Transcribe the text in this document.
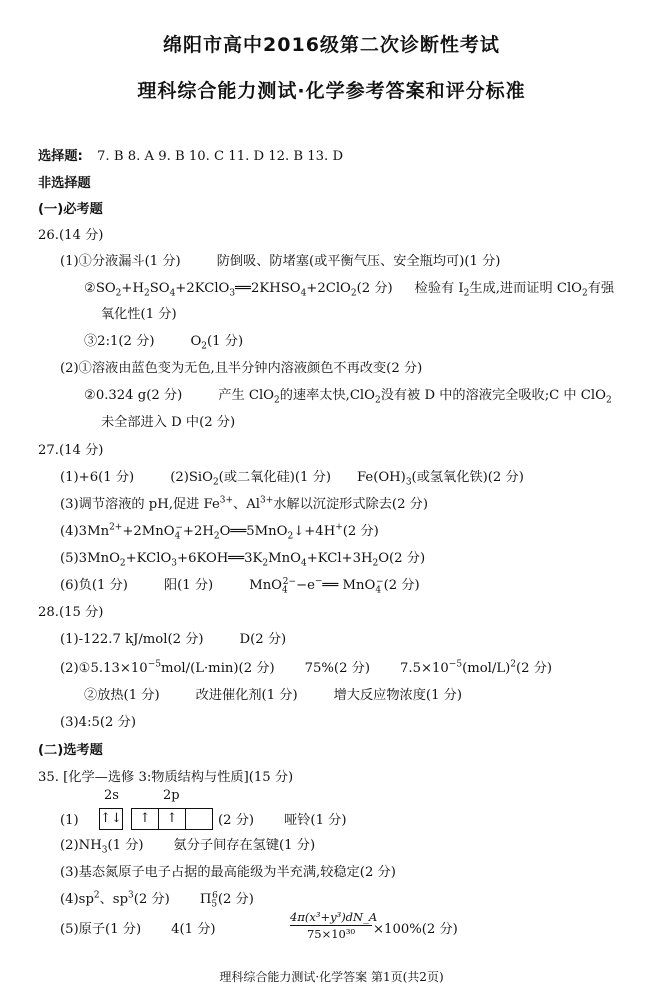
绵阳市高中2016级第二次诊断性考试
理科综合能力测试·化学参考答案和评分标准
选择题: 7. B 8. A 9. B 10. C 11. D 12. B 13. D
非选择题
(一)必考题
26.(14 分)
(1)①分液漏斗(1 分)	防倒吸、防堵塞(或平衡气压、安全瓶均可)(1 分)
$②SO_2+H_2SO_4+2KClO_3══2KHSO_4+2ClO_2(2$ 分) 检验有 $I_2$生成,进而证明 ClO$_2$有强
氧化性(1 分)
③2:1(2 分)	$O_2(1$ 分)
(2)①溶液由蓝色变为无色,且半分钟内溶液颜色不再改变(2 分)
②0.324 g(2 分)	产生 ClO$_2$的速率太快,ClO$_2$没有被 D 中的溶液完全吸收;C 中 ClO$_2$
未全部进入 D 中(2 分)
27.(14 分)
(1)+6(1 分)	(2)SiO$_2$(或二氧化硅)(1 分) $Fe(OH)_3$(或氢氧化铁)(2 分)
(3)调节溶液的 pH,促进 $Fe^{3+}$、$Al^{3+}$水解以沉淀形式除去(2 分)
$(4)3Mn^{2+}+2MnO_4^-+2H_2O══5MnO_2↓+4H^+(2$ 分)
$(5)3MnO_2+KClO_3+6KOH══3K_2MnO_4+KCl+3H_2O(2$ 分)
(6)负(1 分)	阳(1 分)	MnO$_4^{2-}$−e−══ MnO$_4$−(2 分)
28.(15 分)
(1)-122.7 kJ/mol(2 分)	D(2 分)
$(2)①5.13\times 10^{-5}mol/(L\cdot\min)(2$ 分) 75%(2 分) $7.5\times 10^{-5}(mol/L)^2(2$ 分)
②放热(1 分)	改进催化剂(1 分)	增大反应物浓度(1 分)
(3)4:5(2 分)
(二)选考题
35. [化学—选修 3:物质结构与性质](15 分)
2s	2p
(1) ↑↓	↑	↑	(2 分) 哑铃(1 分)
$(2)NH_3(1$ 分) 氨分子间存在氢键(1 分)
(3)基态氮原子电子占据的最高能级为半充满,较稳定(2 分)
$(4)sp^2$、$sp^3(2$ 分) $\Pi_5^6(2$ 分)
(5)原子(1 分) 4(1 分)	$\frac{\text{4π(x³+y³)dN\_A}}{\text{75×10³⁰}} \times 100\%(2$ 分)
理科综合能力测试·化学答案 第1页(共2页)
